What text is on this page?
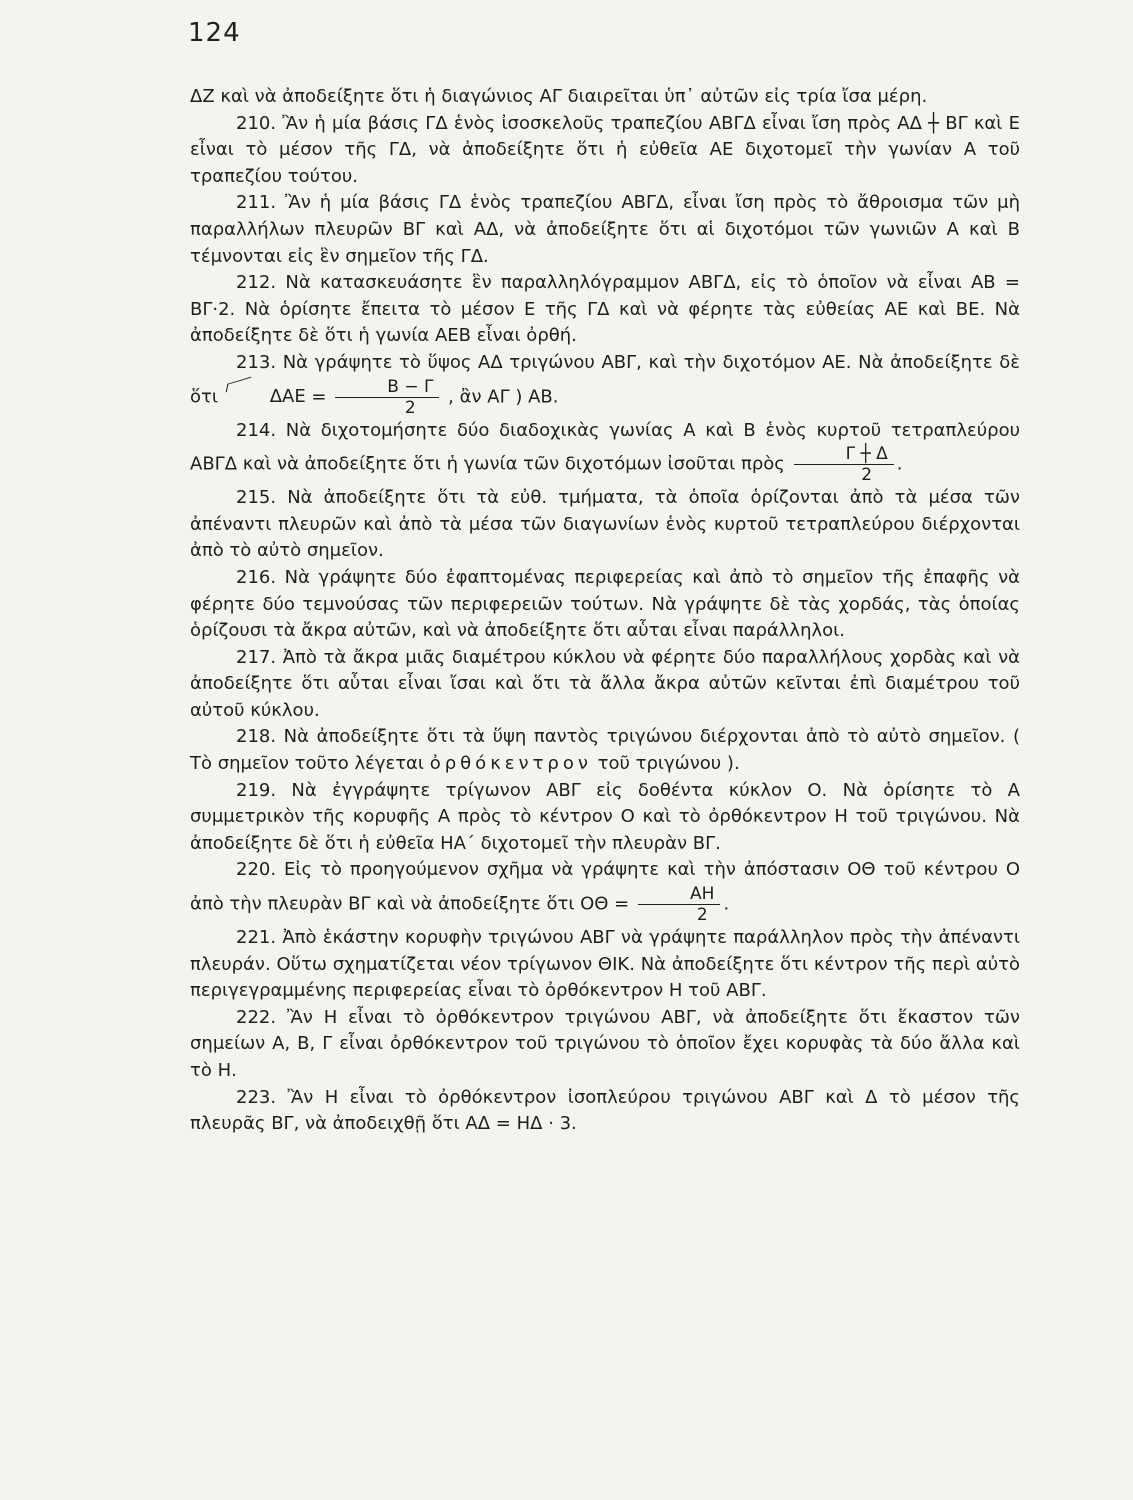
124

ΔΖ καὶ νὰ ἀποδείξητε ὅτι ἡ διαγώνιος ΑΓ διαιρεῖται ὑπ᾿ αὐτῶν εἰς τρία ἴσα μέρη.

210. Ἂν ἡ μία βάσις ΓΔ ἑνὸς ἰσοσκελοῦς τραπεζίου ΑΒΓΔ εἶναι ἴση πρὸς ΑΔ ┼ ΒΓ καὶ Ε εἶναι τὸ μέσον τῆς ΓΔ, νὰ ἀποδείξητε ὅτι ἡ εὐθεῖα ΑΕ διχοτομεῖ τὴν γωνίαν Α τοῦ τραπεζίου τούτου.

211. Ἂν ἡ μία βάσις ΓΔ ἑνὸς τραπεζίου ΑΒΓΔ, εἶναι ἴση πρὸς τὸ ἄθροισμα τῶν μὴ παραλλήλων πλευρῶν ΒΓ καὶ ΑΔ, νὰ ἀποδείξητε ὅτι αἱ διχοτόμοι τῶν γωνιῶν Α καὶ Β τέμνονται εἰς ἓν σημεῖον τῆς ΓΔ.

212. Νὰ κατασκευάσητε ἓν παραλληλόγραμμον ΑΒΓΔ, εἰς τὸ ὁποῖον νὰ εἶναι ΑΒ = ΒΓ·2. Νὰ ὁρίσητε ἔπειτα τὸ μέσον Ε τῆς ΓΔ καὶ νὰ φέρητε τὰς εὐθείας ΑΕ καὶ ΒΕ. Νὰ ἀποδείξητε δὲ ὅτι ἡ γωνία ΑΕΒ εἶναι ὀρθή.

213. Νὰ γράψητε τὸ ὕψος ΑΔ τριγώνου ΑΒΓ, καὶ τὴν διχοτόμον ΑΕ. Νὰ ἀποδείξητε δὲ ὅτι	$\Delta AE = \frac{B - \Gamma}{2}$ , ἂν ΑΓ ) ΑΒ.

214. Νὰ διχοτομήσητε δύο διαδοχικὰς γωνίας Α καὶ Β ἑνὸς κυρτοῦ τετραπλεύρου ΑΒΓΔ καὶ νὰ ἀποδείξητε ὅτι ἡ γωνία τῶν διχοτόμων ἰσοῦται πρὸς $\frac{\Gamma ┼ \Delta}{2}$ .

215. Νὰ ἀποδείξητε ὅτι τὰ εὐθ. τμήματα, τὰ ὁποῖα ὁρίζονται ἀπὸ τὰ μέσα τῶν ἀπέναντι πλευρῶν καὶ ἀπὸ τὰ μέσα τῶν διαγωνίων ἑνὸς κυρτοῦ τετραπλεύρου διέρχονται ἀπὸ τὸ αὐτὸ σημεῖον.

216. Νὰ γράψητε δύο ἐφαπτομένας περιφερείας καὶ ἀπὸ τὸ σημεῖον τῆς ἐπαφῆς νὰ φέρητε δύο τεμνούσας τῶν περιφερειῶν τούτων. Νὰ γράψητε δὲ τὰς χορδάς, τὰς ὁποίας ὁρίζουσι τὰ ἄκρα αὐτῶν, καὶ νὰ ἀποδείξητε ὅτι αὗται εἶναι παράλληλοι.

217. Ἀπὸ τὰ ἄκρα μιᾶς διαμέτρου κύκλου νὰ φέρητε δύο παραλλήλους χορδὰς καὶ νὰ ἀποδείξητε ὅτι αὗται εἶναι ἴσαι καὶ ὅτι τὰ ἄλλα ἄκρα αὐτῶν κεῖνται ἐπὶ διαμέτρου τοῦ αὐτοῦ κύκλου.

218. Νὰ ἀποδείξητε ὅτι τὰ ὕψη παντὸς τριγώνου διέρχονται ἀπὸ τὸ αὐτὸ σημεῖον. ( Τὸ σημεῖον τοῦτο λέγεται ὀρθόκεντρον τοῦ τριγώνου ).

219. Νὰ ἐγγράψητε τρίγωνον ΑΒΓ εἰς δοθέντα κύκλον Ο. Νὰ ὁρίσητε τὸ Α συμμετρικὸν τῆς κορυφῆς Α πρὸς τὸ κέντρον Ο καὶ τὸ ὀρθόκεντρον Η τοῦ τριγώνου. Νὰ ἀποδείξητε δὲ ὅτι ἡ εὐθεῖα ΗΑ΄ διχοτομεῖ τὴν πλευρὰν ΒΓ.

220. Εἰς τὸ προηγούμενον σχῆμα νὰ γράψητε καὶ τὴν ἀπόστασιν ΟΘ τοῦ κέντρου Ο ἀπὸ τὴν πλευρὰν ΒΓ καὶ νὰ ἀποδείξητε ὅτι $O\Theta = \frac{AH}{2}$ .

221. Ἀπὸ ἑκάστην κορυφὴν τριγώνου ΑΒΓ νὰ γράψητε παράλληλον πρὸς τὴν ἀπέναντι πλευράν. Οὕτω σχηματίζεται νέον τρίγωνον ΘΙΚ. Νὰ ἀποδείξητε ὅτι κέντρον τῆς περὶ αὐτὸ περιγεγραμμένης περιφερείας εἶναι τὸ ὀρθόκεντρον Η τοῦ ΑΒΓ.

222. Ἂν Η εἶναι τὸ ὀρθόκεντρον τριγώνου ΑΒΓ, νὰ ἀποδείξητε ὅτι ἕκαστον τῶν σημείων Α, Β, Γ εἶναι ὀρθόκεντρον τοῦ τριγώνου τὸ ὁποῖον ἔχει κορυφὰς τὰ δύο ἄλλα καὶ τὸ Η.

223. Ἂν Η εἶναι τὸ ὀρθόκεντρον ἰσοπλεύρου τριγώνου ΑΒΓ καὶ Δ τὸ μέσον τῆς πλευρᾶς ΒΓ, νὰ ἀποδειχθῇ ὅτι ΑΔ = ΗΔ · 3.
